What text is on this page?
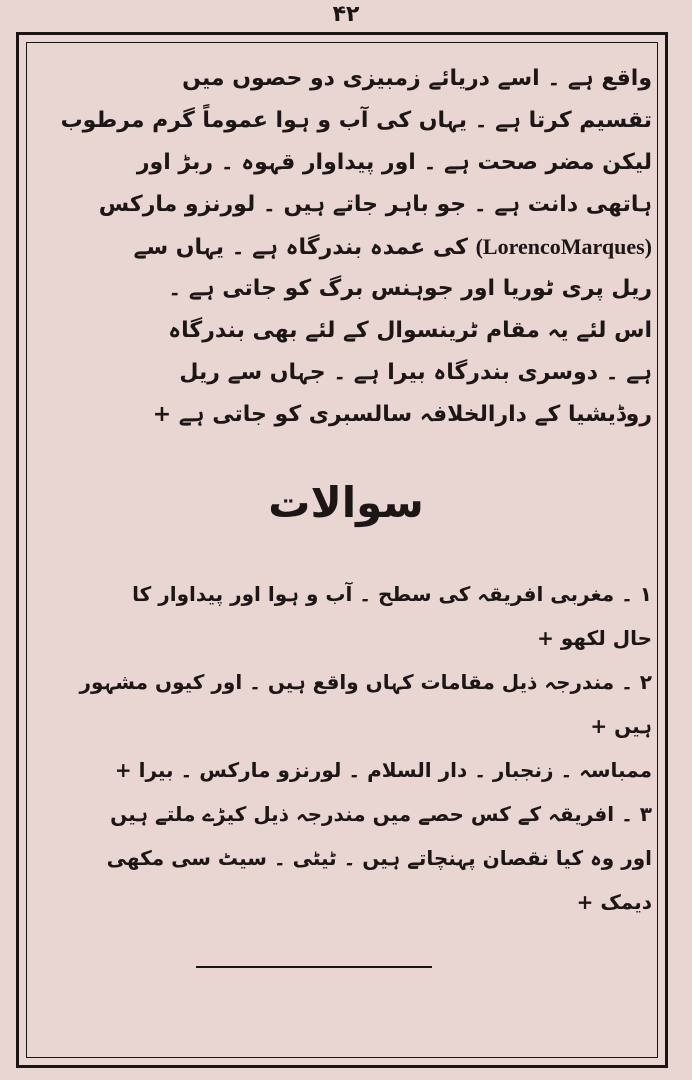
۴۲
واقع ہے ۔ اسے دریائے زمبیزی دو حصوں میں
تقسیم کرتا ہے ۔ یہاں کی آب و ہوا عموماً گرم مرطوب
لیکن مضر صحت ہے ۔ اور پیداوار قہوہ ۔ ربڑ اور
ہاتھی دانت ہے ۔ جو باہر جاتے ہیں ۔ لورنزو مارکس
(LorencoMarques) کی عمدہ بندرگاہ ہے ۔ یہاں سے
ریل پری ٹوریا اور جوہنس برگ کو جاتی ہے ۔
اس لئے یہ مقام ٹرینسوال کے لئے بھی بندرگاہ
ہے ۔ دوسری بندرگاہ بیرا ہے ۔ جہاں سے ریل
روڈیشیا کے دارالخلافہ سالسبری کو جاتی ہے +
سوالات
۱ ۔ مغربی افریقہ کی سطح ۔ آب و ہوا اور پیداوار کا
حال لکھو +
۲ ۔ مندرجہ ذیل مقامات کہاں واقع ہیں ۔ اور کیوں مشہور
ہیں +
ممباسہ ۔ زنجبار ۔ دار السلام ۔ لورنزو مارکس ۔ بیرا +
۳ ۔ افریقہ کے کس حصے میں مندرجہ ذیل کیڑے ملتے ہیں
اور وہ کیا نقصان پہنچاتے ہیں ۔ ٹیٹی ۔ سیٹ سی مکھی
دیمک +
